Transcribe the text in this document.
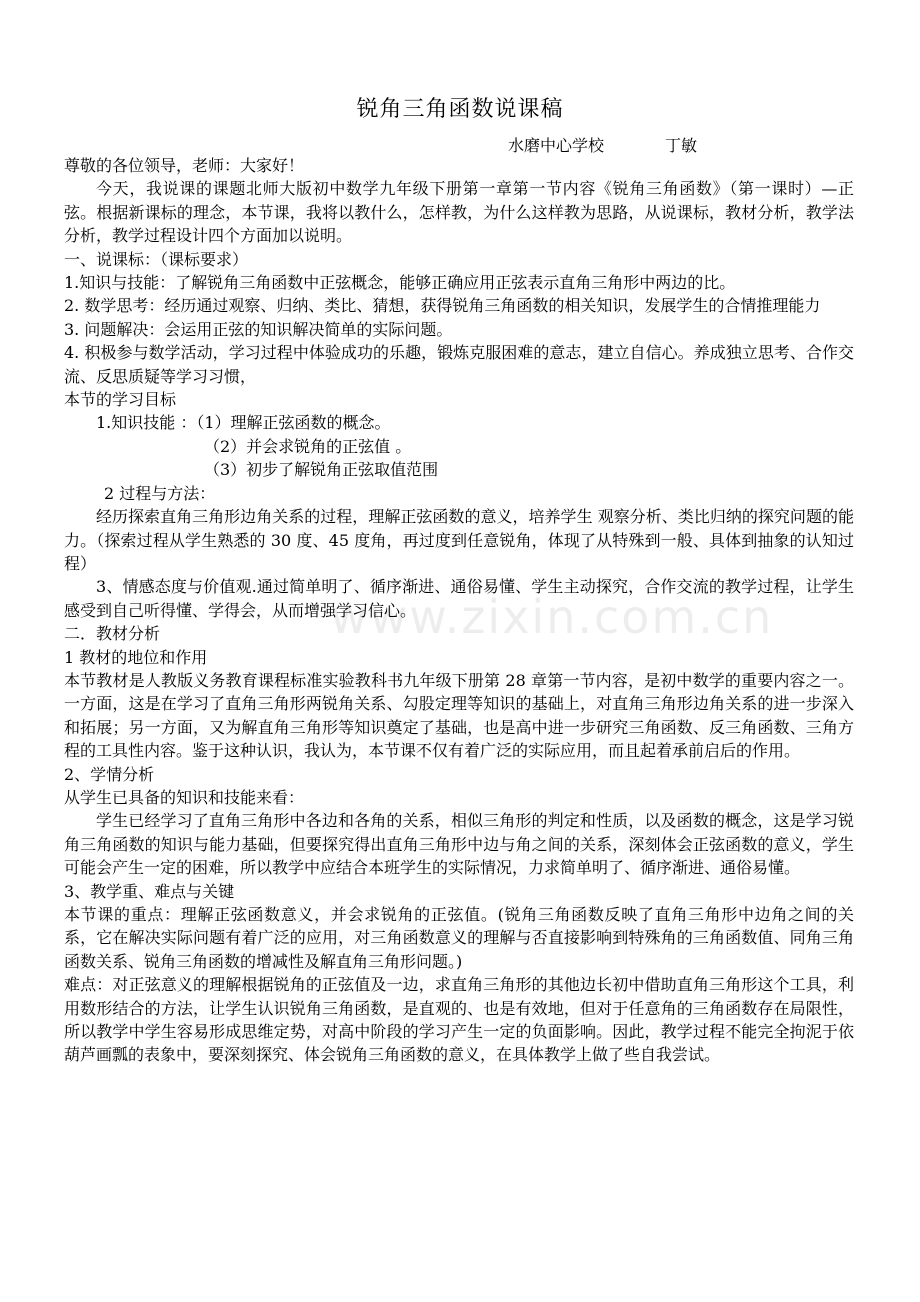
锐角三角函数说课稿
水磨中心学校            丁敏
www.zixin.com.cn

尊敬的各位领导，老师：大家好！

今天，我说课的课题北师大版初中数学九年级下册第一章第一节内容《锐角三角函数》（第一课时）—正弦。根据新课标的理念，本节课，我将以教什么，怎样教，为什么这样教为思路，从说课标，教材分析，教学法分析，教学过程设计四个方面加以说明。

一、说课标：（课标要求）

1.知识与技能：了解锐角三角函数中正弦概念，能够正确应用正弦表示直角三角形中两边的比。

2. 数学思考：经历通过观察、归纳、类比、猜想，获得锐角三角函数的相关知识，发展学生的合情推理能力

3. 问题解决：会运用正弦的知识解决简单的实际问题。

4. 积极参与数学活动，学习过程中体验成功的乐趣，锻炼克服困难的意志，建立自信心。养成独立思考、合作交流、反思质疑等学习习惯，

本节的学习目标

1.知识技能 ：（1）理解正弦函数的概念。

（2）并会求锐角的正弦值 。

（3）初步了解锐角正弦取值范围

2 过程与方法：

经历探索直角三角形边角关系的过程，理解正弦函数的意义，培养学生 观察分析、类比归纳的探究问题的能力。（探索过程从学生熟悉的 30 度、45 度角，再过度到任意锐角，体现了从特殊到一般、具体到抽象的认知过程）

3、情感态度与价值观.通过简单明了、循序渐进、通俗易懂、学生主动探究，合作交流的教学过程，让学生感受到自己听得懂、学得会，从而增强学习信心。

二．教材分析

1 教材的地位和作用

本节教材是人教版义务教育课程标准实验教科书九年级下册第 28 章第一节内容，是初中数学的重要内容之一。一方面，这是在学习了直角三角形两锐角关系、勾股定理等知识的基础上，对直角三角形边角关系的进一步深入和拓展；另一方面，又为解直角三角形等知识奠定了基础，也是高中进一步研究三角函数、反三角函数、三角方程的工具性内容。鉴于这种认识，我认为，本节课不仅有着广泛的实际应用，而且起着承前启后的作用。

2、学情分析

从学生已具备的知识和技能来看：

学生已经学习了直角三角形中各边和各角的关系，相似三角形的判定和性质，以及函数的概念，这是学习锐角三角函数的知识与能力基础，但要探究得出直角三角形中边与角之间的关系，深刻体会正弦函数的意义，学生可能会产生一定的困难，所以教学中应结合本班学生的实际情况，力求简单明了、循序渐进、通俗易懂。

3、教学重、难点与关键

本节课的重点：理解正弦函数意义，并会求锐角的正弦值。(锐角三角函数反映了直角三角形中边角之间的关系，它在解决实际问题有着广泛的应用，对三角函数意义的理解与否直接影响到特殊角的三角函数值、同角三角函数关系、锐角三角函数的增减性及解直角三角形问题。)

难点：对正弦意义的理解根据锐角的正弦值及一边，求直角三角形的其他边长初中借助直角三角形这个工具，利用数形结合的方法，让学生认识锐角三角函数，是直观的、也是有效地，但对于任意角的三角函数存在局限性，所以教学中学生容易形成思维定势，对高中阶段的学习产生一定的负面影响。因此，教学过程不能完全拘泥于依葫芦画瓢的表象中，要深刻探究、体会锐角三角函数的意义，在具体教学上做了些自我尝试。
